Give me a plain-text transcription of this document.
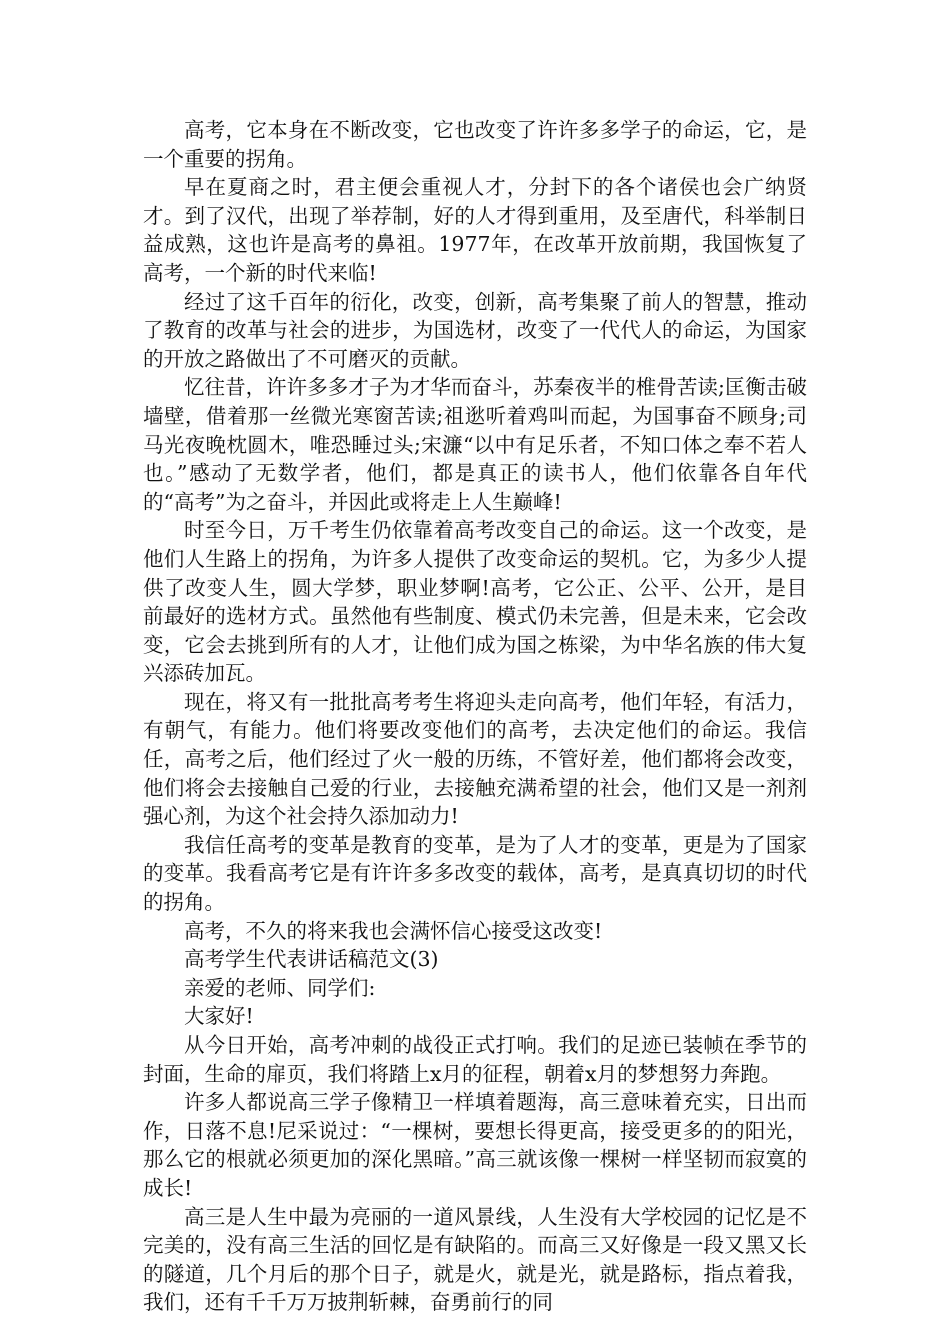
高考，它本身在不断改变，它也改变了许许多多学子的命运，它，是一个重要的拐角。

早在夏商之时，君主便会重视人才，分封下的各个诸侯也会广纳贤才。到了汉代，出现了举荐制，好的人才得到重用，及至唐代，科举制日益成熟，这也许是高考的鼻祖。1977年，在改革开放前期，我国恢复了高考，一个新的时代来临!

经过了这千百年的衍化，改变，创新，高考集聚了前人的智慧，推动了教育的改革与社会的进步，为国选材，改变了一代代人的命运，为国家的开放之路做出了不可磨灭的贡献。

忆往昔，许许多多才子为才华而奋斗，苏秦夜半的椎骨苦读;匡衡击破墙壁，借着那一丝微光寒窗苦读;祖逖听着鸡叫而起，为国事奋不顾身;司马光夜晚枕圆木，唯恐睡过头;宋濂“以中有足乐者，不知口体之奉不若人也。”感动了无数学者，他们，都是真正的读书人，他们依靠各自年代的“高考”为之奋斗，并因此或将走上人生巅峰!

时至今日，万千考生仍依靠着高考改变自己的命运。这一个改变，是他们人生路上的拐角，为许多人提供了改变命运的契机。它，为多少人提供了改变人生，圆大学梦，职业梦啊!高考，它公正、公平、公开，是目前最好的选材方式。虽然他有些制度、模式仍未完善，但是未来，它会改变，它会去挑到所有的人才，让他们成为国之栋梁，为中华名族的伟大复兴添砖加瓦。

现在，将又有一批批高考考生将迎头走向高考，他们年轻，有活力，有朝气，有能力。他们将要改变他们的高考，去决定他们的命运。我信任，高考之后，他们经过了火一般的历练，不管好差，他们都将会改变，他们将会去接触自己爱的行业，去接触充满希望的社会，他们又是一剂剂强心剂，为这个社会持久添加动力!

我信任高考的变革是教育的变革，是为了人才的变革，更是为了国家的变革。我看高考它是有许许多多改变的载体，高考，是真真切切的时代的拐角。

高考，不久的将来我也会满怀信心接受这改变!

高考学生代表讲话稿范文(3)

亲爱的老师、同学们:

大家好!

从今日开始，高考冲刺的战役正式打响。我们的足迹已装帧在季节的封面，生命的扉页，我们将踏上x月的征程，朝着x月的梦想努力奔跑。

许多人都说高三学子像精卫一样填着题海，高三意味着充实，日出而作，日落不息!尼采说过：“一棵树，要想长得更高，接受更多的的阳光，那么它的根就必须更加的深化黑暗。”高三就该像一棵树一样坚韧而寂寞的成长!

高三是人生中最为亮丽的一道风景线，人生没有大学校园的记忆是不完美的，没有高三生活的回忆是有缺陷的。而高三又好像是一段又黑又长的隧道，几个月后的那个日子，就是火，就是光，就是路标，指点着我，我们，还有千千万万披荆斩棘，奋勇前行的同
